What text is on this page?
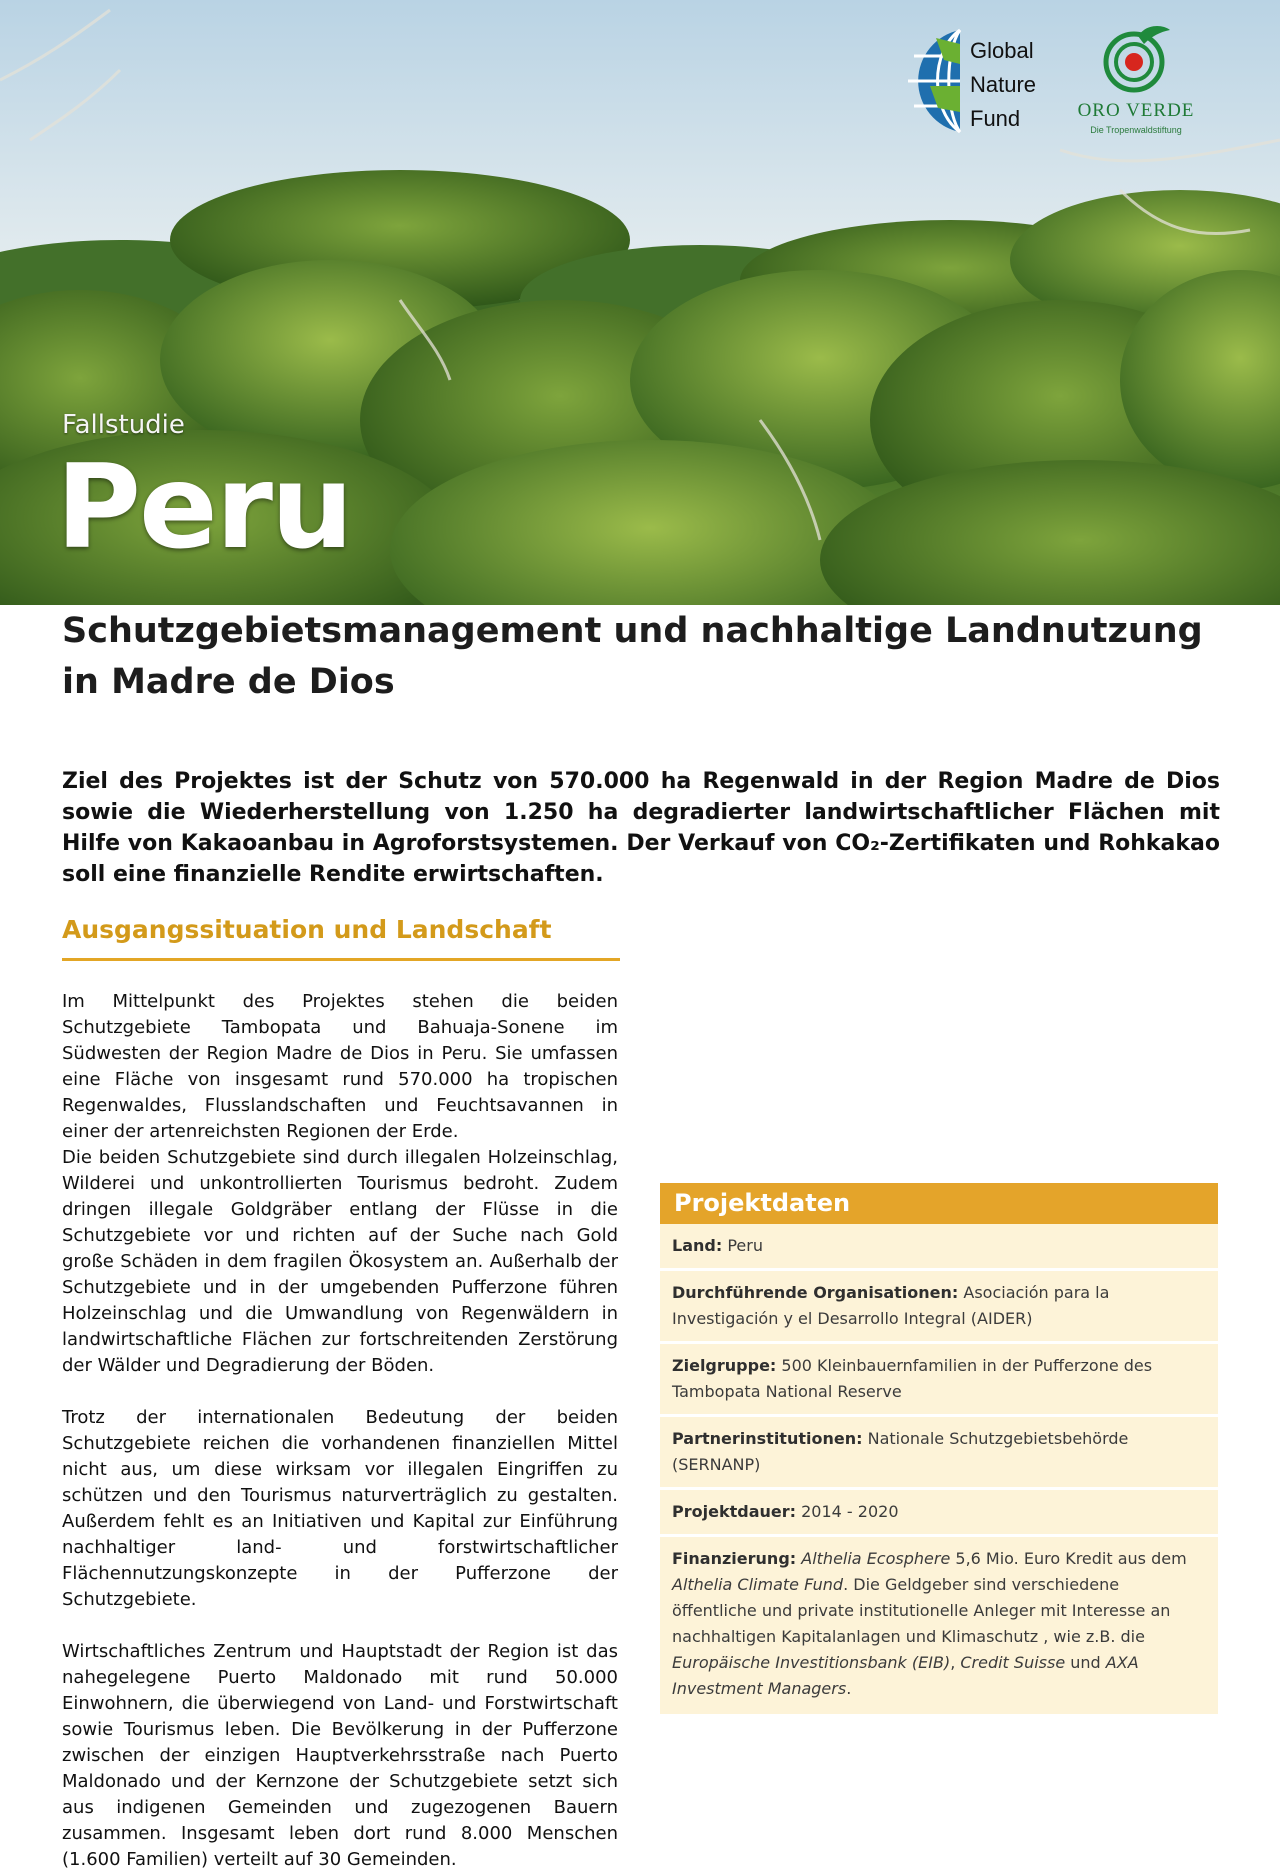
Global
Nature
Fund	ORO VERDE
Die Tropenwaldstiftung
Fallstudie
Peru
Schutzgebietsmanagement und nachhaltige Landnutzung in Madre de Dios

Ziel des Projektes ist der Schutz von 570.000 ha Regenwald in der Region Madre de Dios sowie die Wiederherstellung von 1.250 ha degradierter landwirtschaftlicher Flächen mit Hilfe von Kakaoanbau in Agroforstsystemen. Der Verkauf von CO₂-Zertifikaten und Rohkakao soll eine finanzielle Rendite erwirtschaften.

Ausgangssituation und Landschaft

Im Mittelpunkt des Projektes stehen die beiden Schutzgebiete Tambopata und Bahuaja-Sonene im Südwesten der Region Madre de Dios in Peru. Sie umfassen eine Fläche von insgesamt rund 570.000 ha tropischen Regenwaldes, Flusslandschaften und Feuchtsavannen in einer der artenreichsten Regionen der Erde.

Die beiden Schutzgebiete sind durch illegalen Holzeinschlag, Wilderei und unkontrollierten Tourismus bedroht. Zudem dringen illegale Goldgräber entlang der Flüsse in die Schutzgebiete vor und richten auf der Suche nach Gold große Schäden in dem fragilen Ökosystem an. Außerhalb der Schutzgebiete und in der umgebenden Pufferzone führen Holzeinschlag und die Umwandlung von Regenwäldern in landwirtschaftliche Flächen zur fortschreitenden Zerstörung der Wälder und Degradierung der Böden.

Trotz der internationalen Bedeutung der beiden Schutzgebiete reichen die vorhandenen finanziellen Mittel nicht aus, um diese wirksam vor illegalen Eingriffen zu schützen und den Tourismus naturverträglich zu gestalten. Außerdem fehlt es an Initiativen und Kapital zur Einführung nachhaltiger land- und forstwirtschaftlicher Flächennutzungskonzepte in der Pufferzone der Schutzgebiete.

Wirtschaftliches Zentrum und Hauptstadt der Region ist das nahegelegene Puerto Maldonado mit rund 50.000 Einwohnern, die überwiegend von Land- und Forstwirtschaft sowie Tourismus leben. Die Bevölkerung in der Pufferzone zwischen der einzigen Hauptverkehrsstraße nach Puerto Maldonado und der Kernzone der Schutzgebiete setzt sich aus indigenen Gemeinden und zugezogenen Bauern zusammen. Insgesamt leben dort rund 8.000 Menschen (1.600 Familien) verteilt auf 30 Gemeinden.

Projektdaten
Land: Peru
Durchführende Organisationen: Asociación para la Investigación y el Desarrollo Integral (AIDER)
Zielgruppe: 500 Kleinbauernfamilien in der Pufferzone des Tambopata National Reserve
Partnerinstitutionen: Nationale Schutzgebietsbehörde (SERNANP)
Projektdauer: 2014 - 2020
Finanzierung: Althelia Ecosphere 5,6 Mio. Euro Kredit aus dem Althelia Climate Fund. Die Geldgeber sind verschiedene öffentliche und private institutionelle Anleger mit Interesse an nachhaltigen Kapitalanlagen und Klimaschutz , wie z.B. die Europäische Investitionsbank (EIB), Credit Suisse und AXA Investment Managers.
